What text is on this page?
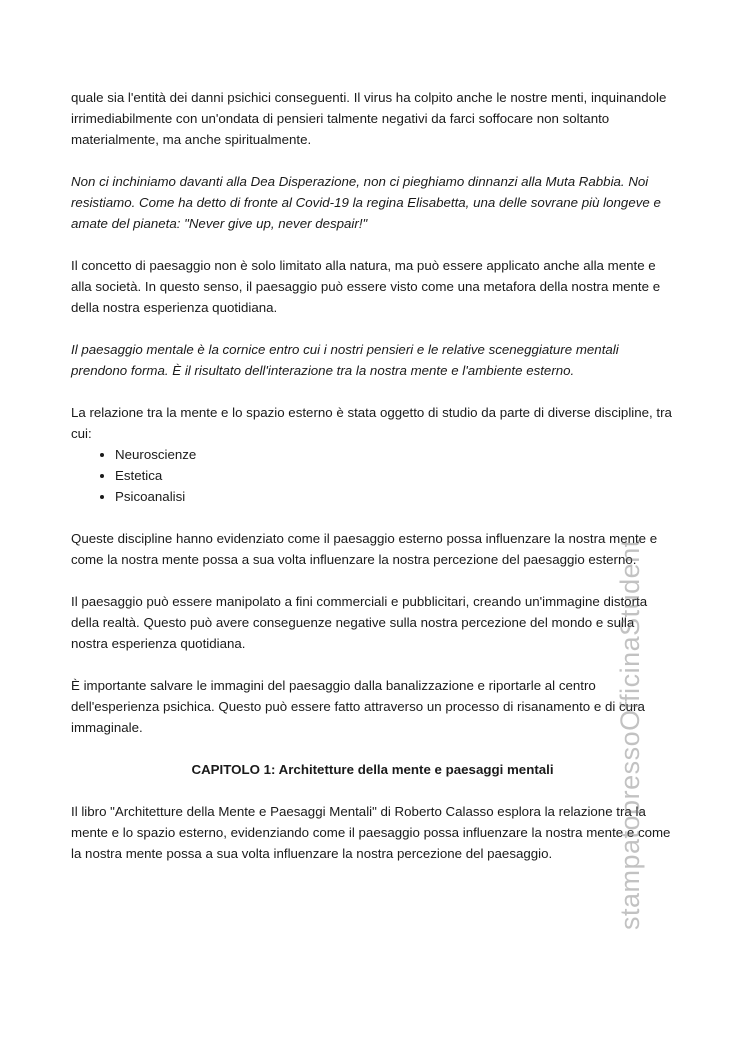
quale sia l'entità dei danni psichici conseguenti. Il virus ha colpito anche le nostre menti, inquinandole irrimediabilmente con un'ondata di pensieri talmente negativi da farci soffocare non soltanto materialmente, ma anche spiritualmente.

Non ci inchiniamo davanti alla Dea Disperazione, non ci pieghiamo dinnanzi alla Muta Rabbia. Noi resistiamo. Come ha detto di fronte al Covid-19 la regina Elisabetta, una delle sovrane più longeve e amate del pianeta: "Never give up, never despair!"

Il concetto di paesaggio non è solo limitato alla natura, ma può essere applicato anche alla mente e alla società. In questo senso, il paesaggio può essere visto come una metafora della nostra mente e della nostra esperienza quotidiana.

Il paesaggio mentale è la cornice entro cui i nostri pensieri e le relative sceneggiature mentali prendono forma. È il risultato dell'interazione tra la nostra mente e l'ambiente esterno.

La relazione tra la mente e lo spazio esterno è stata oggetto di studio da parte di diverse discipline, tra cui:

• Neuroscienze
• Estetica
• Psicoanalisi

Queste discipline hanno evidenziato come il paesaggio esterno possa influenzare la nostra mente e come la nostra mente possa a sua volta influenzare la nostra percezione del paesaggio esterno.

Il paesaggio può essere manipolato a fini commerciali e pubblicitari, creando un'immagine distorta della realtà. Questo può avere conseguenze negative sulla nostra percezione del mondo e sulla nostra esperienza quotidiana.

È importante salvare le immagini del paesaggio dalla banalizzazione e riportarle al centro dell'esperienza psichica. Questo può essere fatto attraverso un processo di risanamento e di cura immaginale.

CAPITOLO 1: Architetture della mente e paesaggi mentali

Il libro "Architetture della Mente e Paesaggi Mentali" di Roberto Calasso esplora la relazione tra la mente e lo spazio esterno, evidenziando come il paesaggio possa influenzare la nostra mente e come la nostra mente possa a sua volta influenzare la nostra percezione del paesaggio.	stampatopressoOfficinaStudent
